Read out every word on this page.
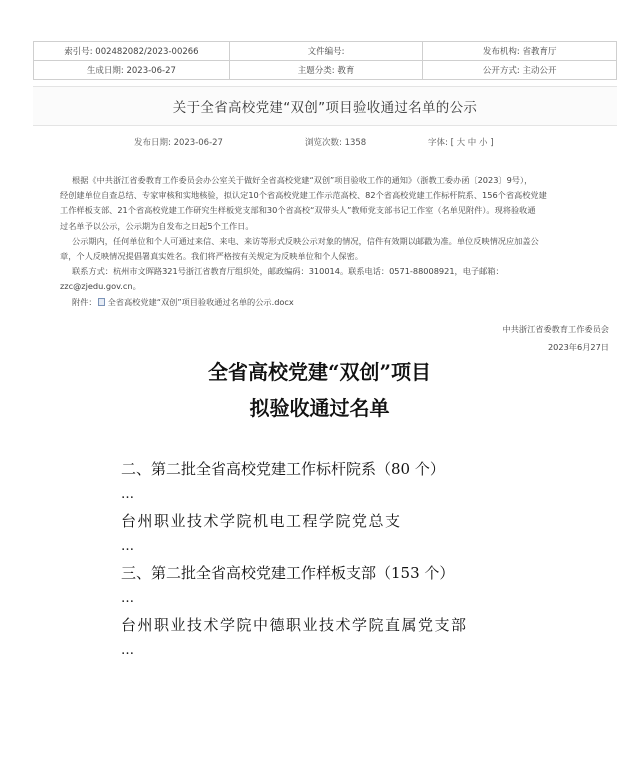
索引号: 002482082/2023-00266	文件编号:	发布机构: 省教育厅
生成日期: 2023-06-27	主题分类: 教育	公开方式: 主动公开
关于全省高校党建“双创”项目验收通过名单的公示
发布日期: 2023-06-27	浏览次数: 1358	字体: [ 大 中 小 ]

根据《中共浙江省委教育工作委员会办公室关于做好全省高校党建“双创”项目验收工作的通知》（浙教工委办函〔2023〕9号），

经创建单位自查总结、专家审核和实地核验，拟认定10个省高校党建工作示范高校、82个省高校党建工作标杆院系、156个省高校党建

工作样板支部、21个省高校党建工作研究生样板党支部和30个省高校“双带头人”教师党支部书记工作室（名单见附件）。现将验收通

过名单予以公示，公示期为自发布之日起5个工作日。

公示期内，任何单位和个人可通过来信、来电、来访等形式反映公示对象的情况，信件有效期以邮戳为准。单位反映情况应加盖公

章，个人反映情况提倡署真实姓名。我们将严格按有关规定为反映单位和个人保密。

联系方式：杭州市文晖路321号浙江省教育厅组织处，邮政编码：310014。联系电话：0571-88008921，电子邮箱：

zzc@zjedu.gov.cn。

附件： 全省高校党建“双创”项目验收通过名单的公示.docx

中共浙江省委教育工作委员会
2023年6月27日
全省高校党建“双创”项目
拟验收通过名单
二、第二批全省高校党建工作标杆院系（80 个）
…
台州职业技术学院机电工程学院党总支
…
三、第二批全省高校党建工作样板支部（153 个）
…
台州职业技术学院中德职业技术学院直属党支部
…
